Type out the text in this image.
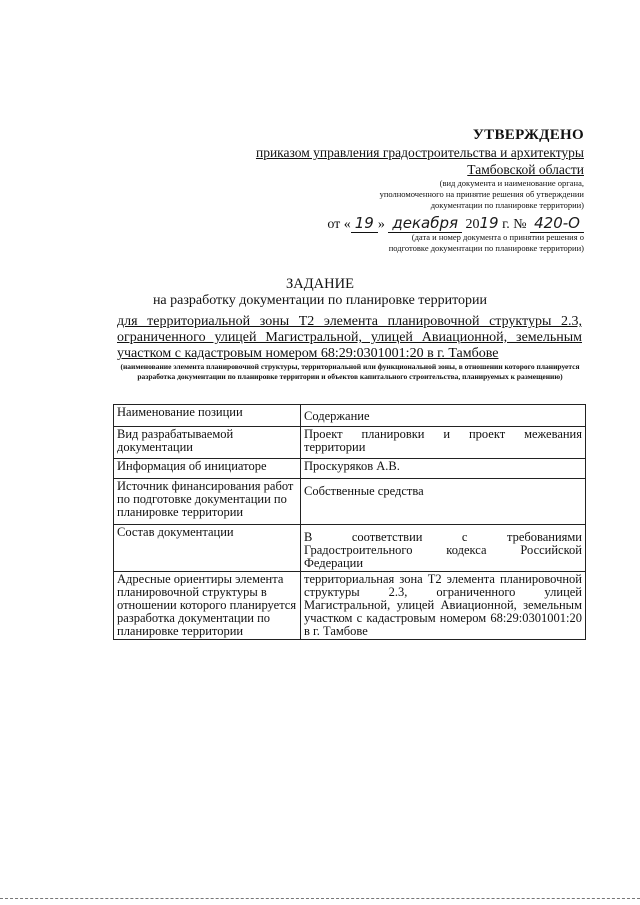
УТВЕРЖДЕНО
приказом управления градостроительства и архитектуры
Тамбовской области
(вид документа и наименование органа,
уполномоченного на принятие решения об утверждении
документации по планировке территории)
от « 19 » декабря 2019 г. № 420-О
(дата и номер документа о принятии решения о
подготовке документации по планировке территории)
ЗАДАНИЕ
на разработку документации по планировке территории
для территориальной зоны Т2 элемента планировочной структуры 2.3, ограниченного улицей Магистральной, улицей Авиационной, земельным участком с кадастровым номером 68:29:0301001:20 в г. Тамбове
(наименование элемента планировочной структуры, территориальной или функциональной зоны, в отношении которого планируется разработка документации по планировке территории и объектов капитального строительства, планируемых к размещению)
Наименование позиции	Содержание
Вид разрабатываемой документации	Проект планировки и проект межевания территории
Информация об инициаторе	Проскуряков А.В.
Источник финансирования работ по подготовке документации по планировке территории	Собственные средства
Состав документации	В соответствии с требованиями Градостроительного кодекса Российской Федерации
Адресные ориентиры элемента планировочной структуры в отношении которого планируется разработка документации по планировке территории	территориальная зона Т2 элемента планировочной структуры 2.3, ограниченного улицей Магистральной, улицей Авиационной, земельным участком с кадастровым номером 68:29:0301001:20 в г. Тамбове
